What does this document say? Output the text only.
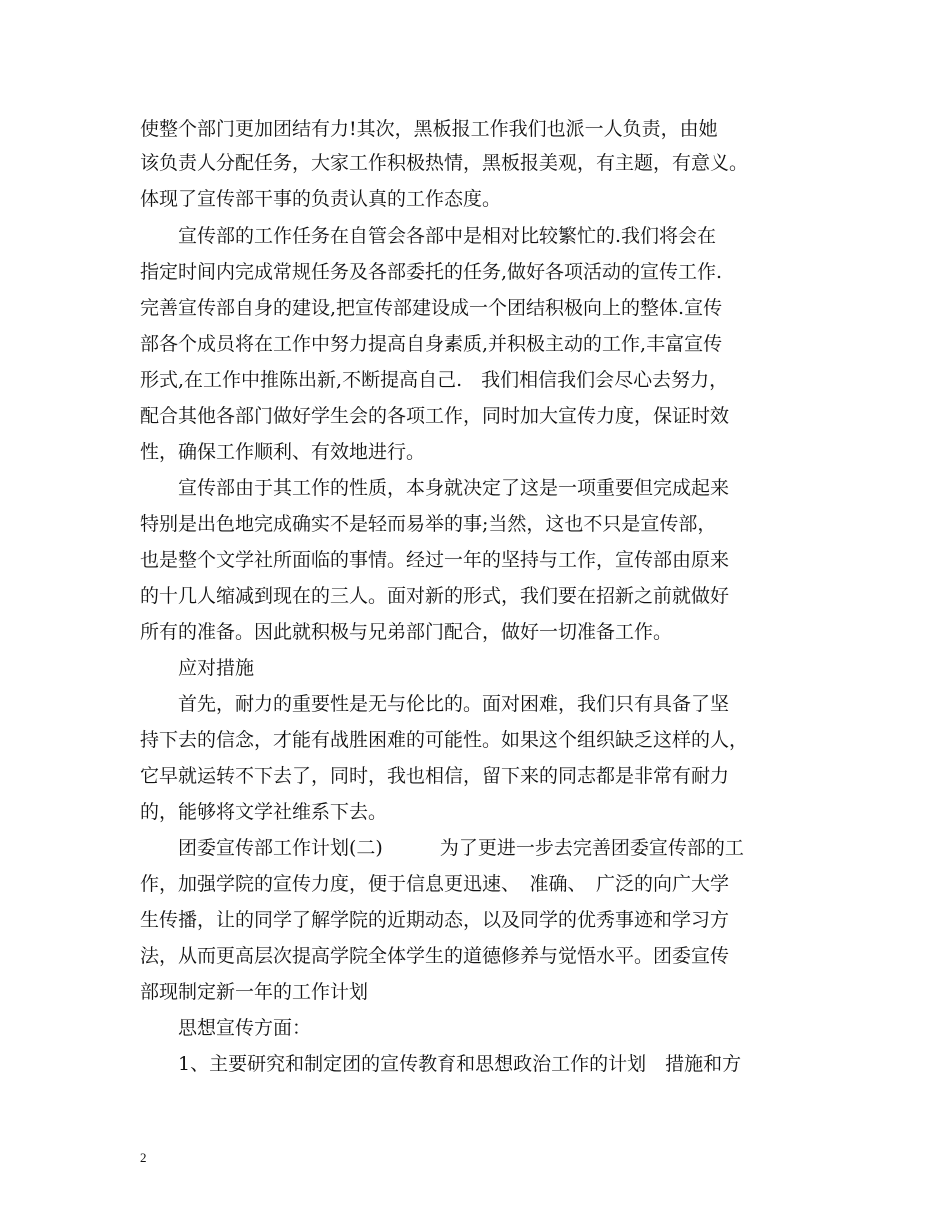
使整个部门更加团结有力!其次，黑板报工作我们也派一人负责，由她
该负责人分配任务，大家工作积极热情，黑板报美观，有主题，有意义。
体现了宣传部干事的负责认真的工作态度。
　　宣传部的工作任务在自管会各部中是相对比较繁忙的.我们将会在
指定时间内完成常规任务及各部委托的任务,做好各项活动的宣传工作.
完善宣传部自身的建设,把宣传部建设成一个团结积极向上的整体.宣传
部各个成员将在工作中努力提高自身素质,并积极主动的工作,丰富宣传
形式,在工作中推陈出新,不断提高自己.　我们相信我们会尽心去努力，
配合其他各部门做好学生会的各项工作，同时加大宣传力度，保证时效
性，确保工作顺利、有效地进行。
　　宣传部由于其工作的性质，本身就决定了这是一项重要但完成起来
特别是出色地完成确实不是轻而易举的事;当然，这也不只是宣传部，
也是整个文学社所面临的事情。经过一年的坚持与工作，宣传部由原来
的十几人缩减到现在的三人。面对新的形式，我们要在招新之前就做好
所有的准备。因此就积极与兄弟部门配合，做好一切准备工作。
　　应对措施
　　首先，耐力的重要性是无与伦比的。面对困难，我们只有具备了坚
持下去的信念，才能有战胜困难的可能性。如果这个组织缺乏这样的人，
它早就运转不下去了，同时，我也相信，留下来的同志都是非常有耐力
的，能够将文学社维系下去。
　　团委宣传部工作计划(二)　　　为了更进一步去完善团委宣传部的工
作，加强学院的宣传力度，便于信息更迅速、　准确、　广泛的向广大学
生传播，让的同学了解学院的近期动态，以及同学的优秀事迹和学习方
法，从而更高层次提高学院全体学生的道德修养与觉悟水平。团委宣传
部现制定新一年的工作计划
　　思想宣传方面：
　　1、主要研究和制定团的宣传教育和思想政治工作的计划　措施和方
2
